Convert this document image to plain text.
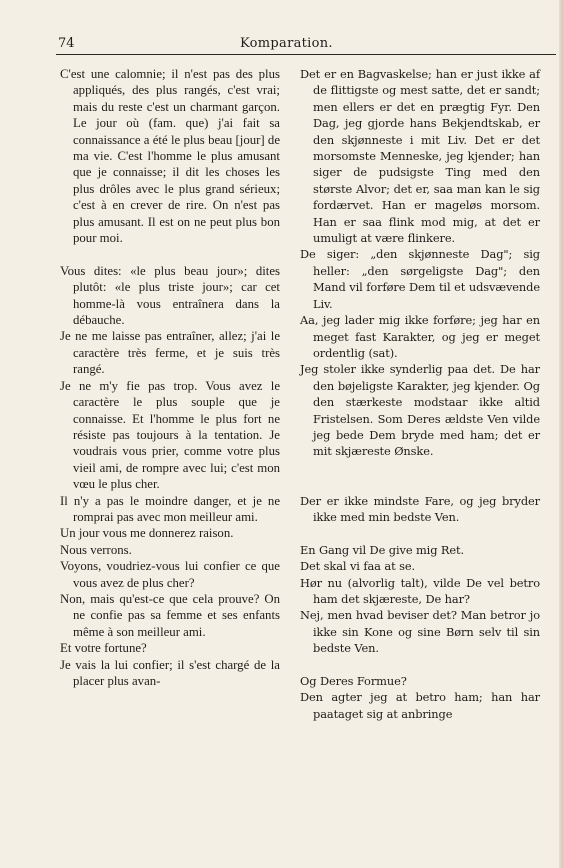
74	Komparation.

C'est une calomnie; il n'est pas des plus appliqués, des plus rangés, c'est vrai; mais du reste c'est un charmant garçon. Le jour où (fam. que) j'ai fait sa connaissance a été le plus beau [jour] de ma vie. C'est l'homme le plus amusant que je connaisse; il dit les choses les plus drôles avec le plus grand sérieux; c'est à en crever de rire. On n'est pas plus amusant. Il est on ne peut plus bon pour moi.

Vous dites: «le plus beau jour»; dites plutôt: «le plus triste jour»; car cet homme-là vous entraînera dans la débauche.

Je ne me laisse pas entraîner, allez; j'ai le caractère très ferme, et je suis très rangé.

Je ne m'y fie pas trop. Vous avez le caractère le plus souple que je connaisse. Et l'homme le plus fort ne résiste pas toujours à la tentation. Je voudrais vous prier, comme votre plus vieil ami, de rompre avec lui; c'est mon vœu le plus cher.

Il n'y a pas le moindre danger, et je ne romprai pas avec mon meilleur ami.

Un jour vous me donnerez raison.

Nous verrons.

Voyons, voudriez-vous lui confier ce que vous avez de plus cher?

Non, mais qu'est-ce que cela prouve? On ne confie pas sa femme et ses enfants même à son meilleur ami.

Et votre fortune?

Je vais la lui confier; il s'est chargé de la placer plus avan-

Det er en Bagvaskelse; han er just ikke af de flittigste og mest satte, det er sandt; men ellers er det en prægtig Fyr. Den Dag, jeg gjorde hans Bekjendtskab, er den skjønneste i mit Liv. Det er det morsomste Menneske, jeg kjender; han siger de pudsigste Ting med den største Alvor; det er, saa man kan le sig fordærvet. Han er mageløs morsom. Han er saa flink mod mig, at det er umuligt at være flinkere.

De siger: „den skjønneste Dag"; sig heller: „den sørgeligste Dag"; den Mand vil forføre Dem til et udsvævende Liv.

Aa, jeg lader mig ikke forføre; jeg har en meget fast Karakter, og jeg er meget ordentlig (sat).

Jeg stoler ikke synderlig paa det. De har den bøjeligste Karakter, jeg kjender. Og den stærkeste modstaar ikke altid Fristelsen. Som Deres ældste Ven vilde jeg bede Dem bryde med ham; det er mit skjæreste Ønske.

Der er ikke mindste Fare, og jeg bryder ikke med min bedste Ven.

En Gang vil De give mig Ret.

Det skal vi faa at se.

Hør nu (alvorlig talt), vilde De vel betro ham det skjæreste, De har?

Nej, men hvad beviser det? Man betror jo ikke sin Kone og sine Børn selv til sin bedste Ven.

Og Deres Formue?

Den agter jeg at betro ham; han har paataget sig at anbringe
